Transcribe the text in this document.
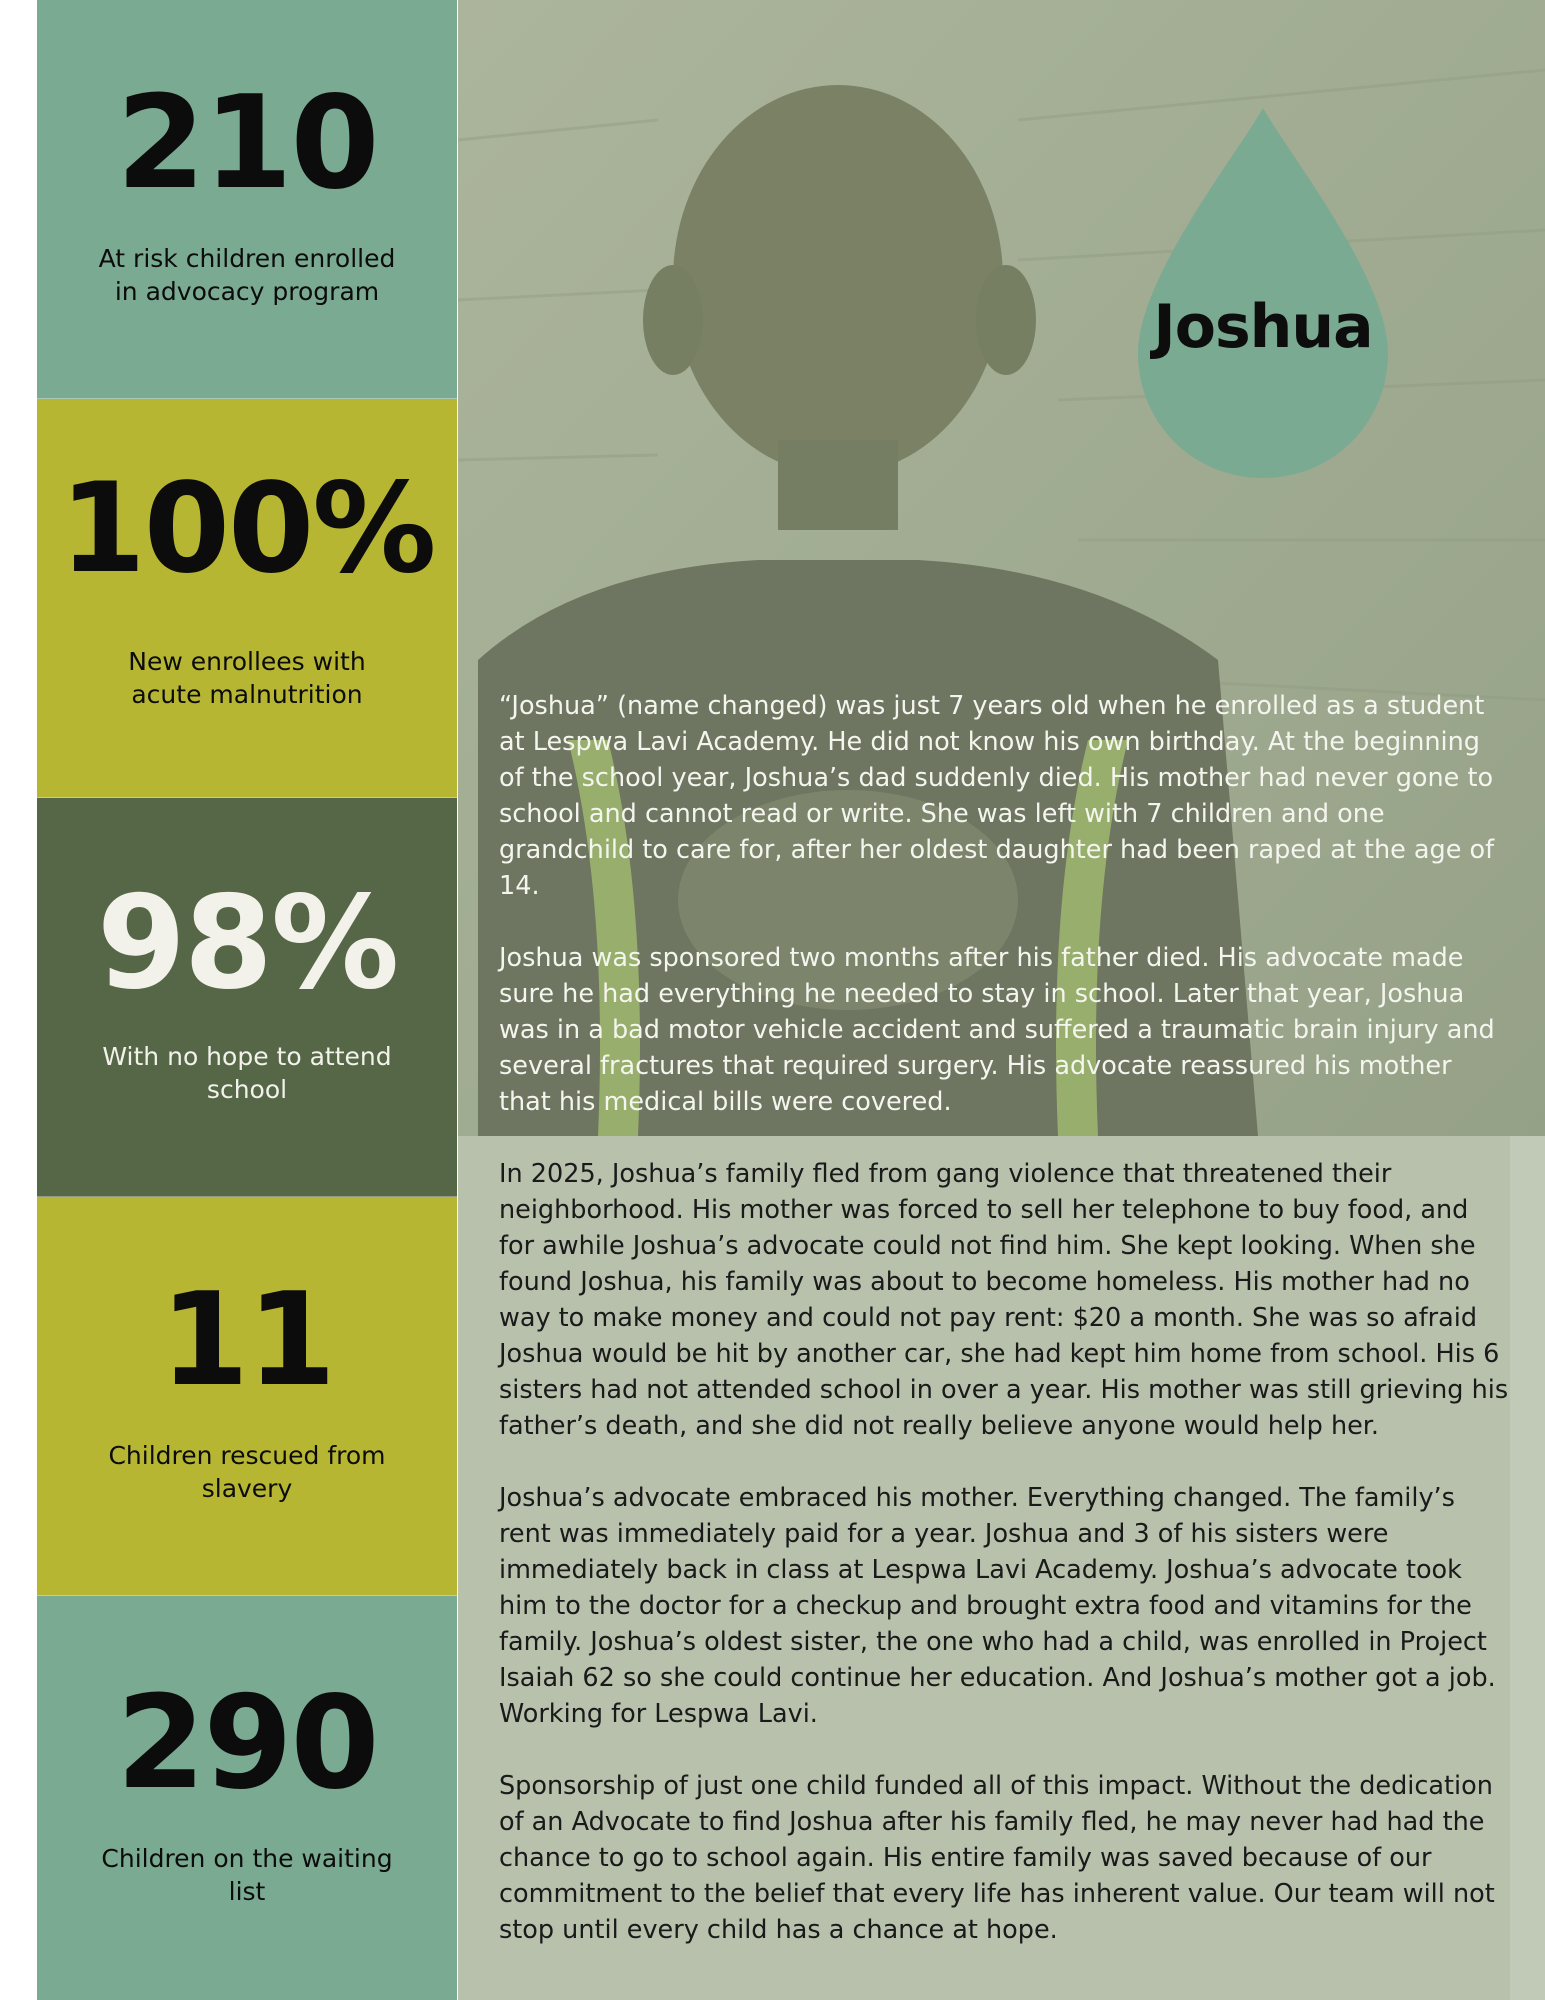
210
At risk children enrolled in advocacy program
100%
New enrollees with acute malnutrition
98%
With no hope to attend school
11
Children rescued from slavery
290
Children on the waiting list
Joshua

“Joshua” (name changed) was just 7 years old when he enrolled as a student at Lespwa Lavi Academy. He did not know his own birthday. At the beginning of the school year, Joshua’s dad suddenly died. His mother had never gone to school and cannot read or write. She was left with 7 children and one grandchild to care for, after her oldest daughter had been raped at the age of 14.

Joshua was sponsored two months after his father died. His advocate made sure he had everything he needed to stay in school. Later that year, Joshua was in a bad motor vehicle accident and suffered a traumatic brain injury and several fractures that required surgery. His advocate reassured his mother that his medical bills were covered.

In 2025, Joshua’s family fled from gang violence that threatened their neighborhood. His mother was forced to sell her telephone to buy food, and for awhile Joshua’s advocate could not find him. She kept looking. When she found Joshua, his family was about to become homeless. His mother had no way to make money and could not pay rent: $20 a month. She was so afraid Joshua would be hit by another car, she had kept him home from school. His 6 sisters had not attended school in over a year. His mother was still grieving his father’s death, and she did not really believe anyone would help her.

Joshua’s advocate embraced his mother. Everything changed. The family’s rent was immediately paid for a year. Joshua and 3 of his sisters were immediately back in class at Lespwa Lavi Academy. Joshua’s advocate took him to the doctor for a checkup and brought extra food and vitamins for the family. Joshua’s oldest sister, the one who had a child, was enrolled in Project Isaiah 62 so she could continue her education. And Joshua’s mother got a job. Working for Lespwa Lavi.

Sponsorship of just one child funded all of this impact. Without the dedication of an Advocate to find Joshua after his family fled, he may never had had the chance to go to school again. His entire family was saved because of our commitment to the belief that every life has inherent value. Our team will not stop until every child has a chance at hope.
